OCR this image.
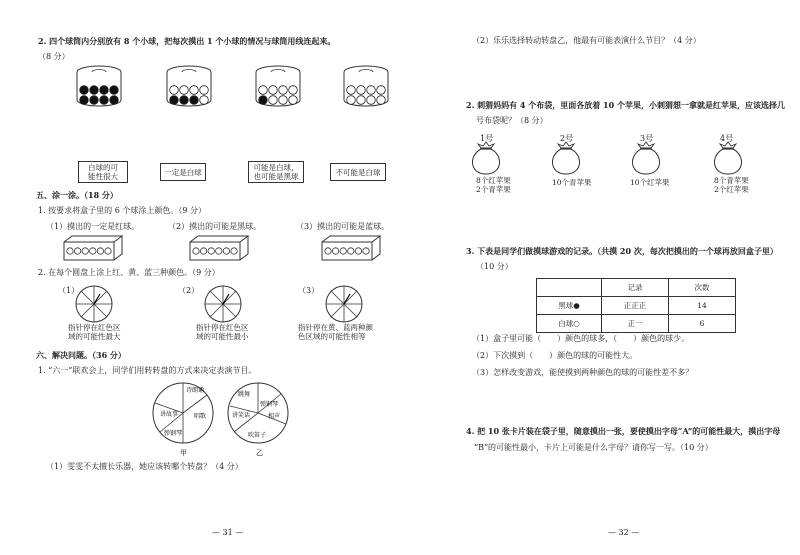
2. 四个球筒内分别放有 8 个小球，把每次摸出 1 个小球的情况与球筒用线连起来。
（8 分）
白球的可
能性很大	一定是白球	可能是白球，
也可能是黑球	不可能是白球
五、涂一涂。（18 分）
1. 按要求将盒子里的 6 个球涂上颜色。（9 分）
（1）摸出的一定是红球。	（2）摸出的可能是黑球。	（3）摸出的可能是蓝球。
2. 在每个圆盘上涂上红、黄、蓝三种颜色。（9 分）
（1）	（2）	（3）
指针停在红色区
域的可能性最大
指针停在红色区
域的可能性最小
指针停在黄、蓝两种颜
色区域的可能性相等
六、解决问题。（36 分）
1. “六一”联欢会上，同学们用转转盘的方式来决定表演节目。
诗朗诵
讲故事
弹钢琴
唱歌
甲
跳舞
讲笑话
弹钢琴
相声
吹笛子
乙
（1）雯雯不太擅长乐器，她应该转哪个转盘？（4 分）
— 31 —
（2）乐乐选择转动转盘乙，他最有可能表演什么节目？（4 分）
2. 刺猬妈妈有 4 个布袋，里面各放着 10 个苹果，小刺猬想一拿就是红苹果，应该选择几
号布袋呢？（8 分）
1号	2号	3号	4号
8个红苹果
2个青苹果
10个青苹果	10个红苹果	8个青苹果
2个红苹果
3. 下表是同学们做摸球游戏的记录。（共摸 20 次，每次把摸出的一个球再放回盒子里）
（10 分）
	记录	次数
黑球●	正正正	14
白球○	正一	6
（1）盒子里可能（　　）颜色的球多，（　　）颜色的球少。
（2）下次摸到（　　）颜色的球的可能性大。
（3）怎样改变游戏，能使摸到两种颜色的球的可能性差不多？
4. 把 10 张卡片装在袋子里，随意摸出一张，要使摸出字母“A”的可能性最大，摸出字母
“B”的可能性最小，卡片上可能是什么字母？请你写一写。（10 分）
— 32 —
